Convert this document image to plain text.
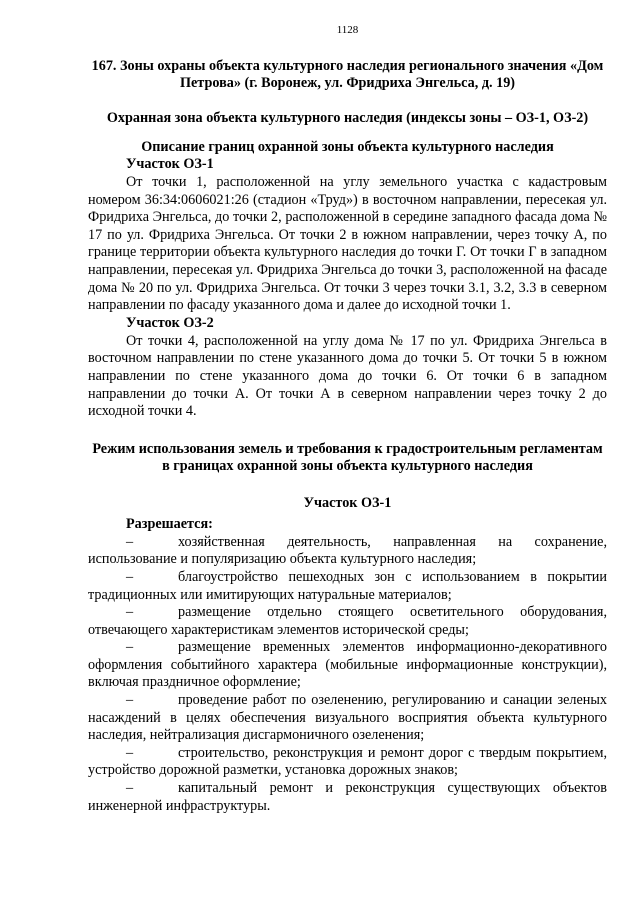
1128
167. Зоны охраны объекта культурного наследия регионального значения «Дом Петрова» (г. Воронеж, ул. Фридриха Энгельса, д. 19)
Охранная зона объекта культурного наследия (индексы зоны – ОЗ-1, ОЗ-2)
Описание границ охранной зоны объекта культурного наследия
Участок ОЗ-1

От точки 1, расположенной на углу земельного участка с кадастровым номером 36:34:0606021:26 (стадион «Труд») в восточном направлении, пересекая ул. Фридриха Энгельса, до точки 2, расположенной в середине западного фасада дома № 17 по ул. Фридриха Энгельса. От точки 2 в южном направлении, через точку А, по границе территории объекта культурного наследия до точки Г. От точки Г в западном направлении, пересекая ул. Фридриха Энгельса до точки 3, расположенной на фасаде дома № 20 по ул. Фридриха Энгельса. От точки 3 через точки 3.1, 3.2, 3.3 в северном направлении по фасаду указанного дома и далее до исходной точки 1.

Участок ОЗ-2

От точки 4, расположенной на углу дома № 17 по ул. Фридриха Энгельса в восточном направлении по стене указанного дома до точки 5. От точки 5 в южном направлении по стене указанного дома до точки 6. От точки 6 в западном направлении до точки А. От точки А в северном направлении через точку 2 до исходной точки 4.

Режим использования земель и требования к градостроительным регламентам в границах охранной зоны объекта культурного наследия
Участок ОЗ-1
Разрешается:

–	хозяйственная деятельность, направленная на сохранение, использование и популяризацию объекта культурного наследия;

–	благоустройство пешеходных зон с использованием в покрытии традиционных или имитирующих натуральные материалов;

–	размещение отдельно стоящего осветительного оборудования, отвечающего характеристикам элементов исторической среды;

–	размещение временных элементов информационно-декоративного оформления событийного характера (мобильные информационные конструкции), включая праздничное оформление;

–	проведение работ по озеленению, регулированию и санации зеленых насаждений в целях обеспечения визуального восприятия объекта культурного наследия, нейтрализация дисгармоничного озеленения;

–	строительство, реконструкция и ремонт дорог с твердым покрытием, устройство дорожной разметки, установка дорожных знаков;

–	капитальный ремонт и реконструкция существующих объектов инженерной инфраструктуры.
